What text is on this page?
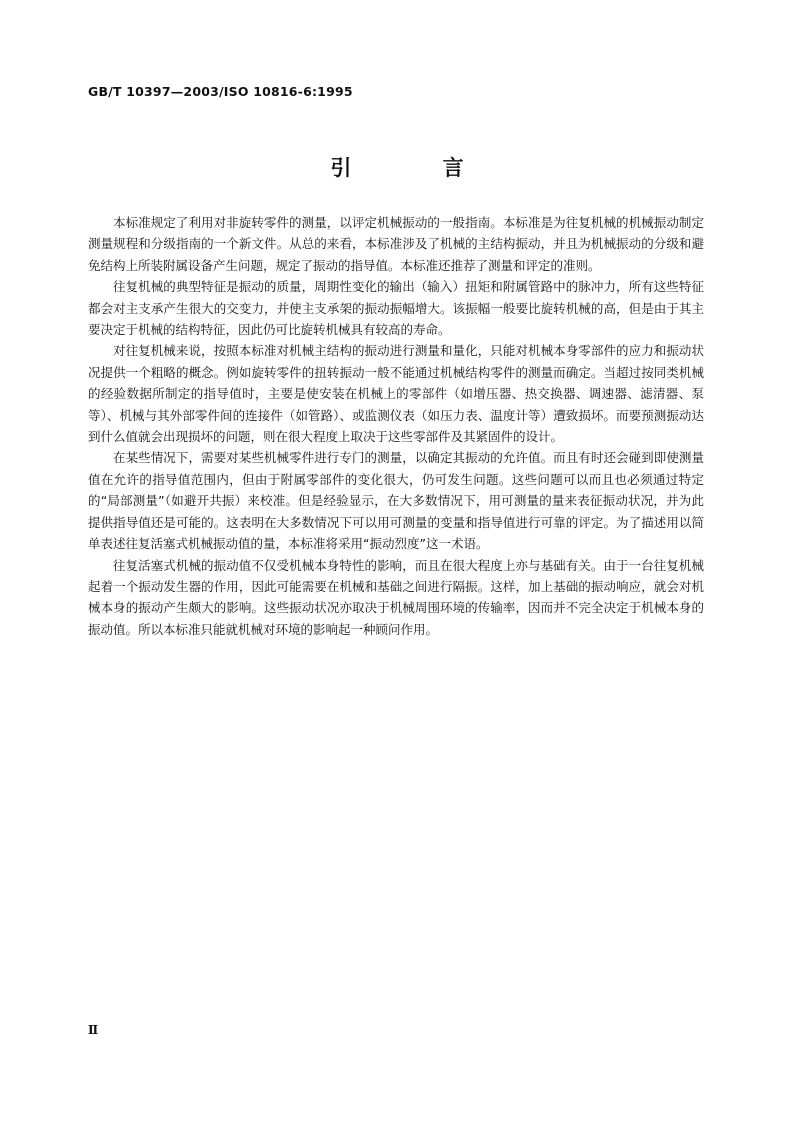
GB/T 10397—2003/ISO 10816-6:1995
引 言

本标准规定了利用对非旋转零件的测量，以评定机械振动的一般指南。本标准是为往复机械的机械振动制定测量规程和分级指南的一个新文件。从总的来看，本标准涉及了机械的主结构振动，并且为机械振动的分级和避免结构上所装附属设备产生问题，规定了振动的指导值。本标准还推荐了测量和评定的准则。

往复机械的典型特征是振动的质量，周期性变化的输出（输入）扭矩和附属管路中的脉冲力，所有这些特征都会对主支承产生很大的交变力，并使主支承架的振动振幅增大。该振幅一般要比旋转机械的高，但是由于其主要决定于机械的结构特征，因此仍可比旋转机械具有较高的寿命。

对往复机械来说，按照本标准对机械主结构的振动进行测量和量化，只能对机械本身零部件的应力和振动状况提供一个粗略的概念。例如旋转零件的扭转振动一般不能通过机械结构零件的测量而确定。当超过按同类机械的经验数据所制定的指导值时，主要是使安装在机械上的零部件（如增压器、热交换器、调速器、滤清器、泵等）、机械与其外部零件间的连接件（如管路）、或监测仪表（如压力表、温度计等）遭致损坏。而要预测振动达到什么值就会出现损坏的问题，则在很大程度上取决于这些零部件及其紧固件的设计。

在某些情况下，需要对某些机械零件进行专门的测量，以确定其振动的允许值。而且有时还会碰到即使测量值在允许的指导值范围内，但由于附属零部件的变化很大，仍可发生问题。这些问题可以而且也必须通过特定的“局部测量”（如避开共振）来校准。但是经验显示，在大多数情况下，用可测量的量来表征振动状况，并为此提供指导值还是可能的。这表明在大多数情况下可以用可测量的变量和指导值进行可靠的评定。为了描述用以简单表述往复活塞式机械振动值的量，本标准将采用“振动烈度”这一术语。

往复活塞式机械的振动值不仅受机械本身特性的影响，而且在很大程度上亦与基础有关。由于一台往复机械起着一个振动发生器的作用，因此可能需要在机械和基础之间进行隔振。这样，加上基础的振动响应，就会对机械本身的振动产生颇大的影响。这些振动状况亦取决于机械周围环境的传输率，因而并不完全决定于机械本身的振动值。所以本标准只能就机械对环境的影响起一种顾问作用。

Ⅱ
